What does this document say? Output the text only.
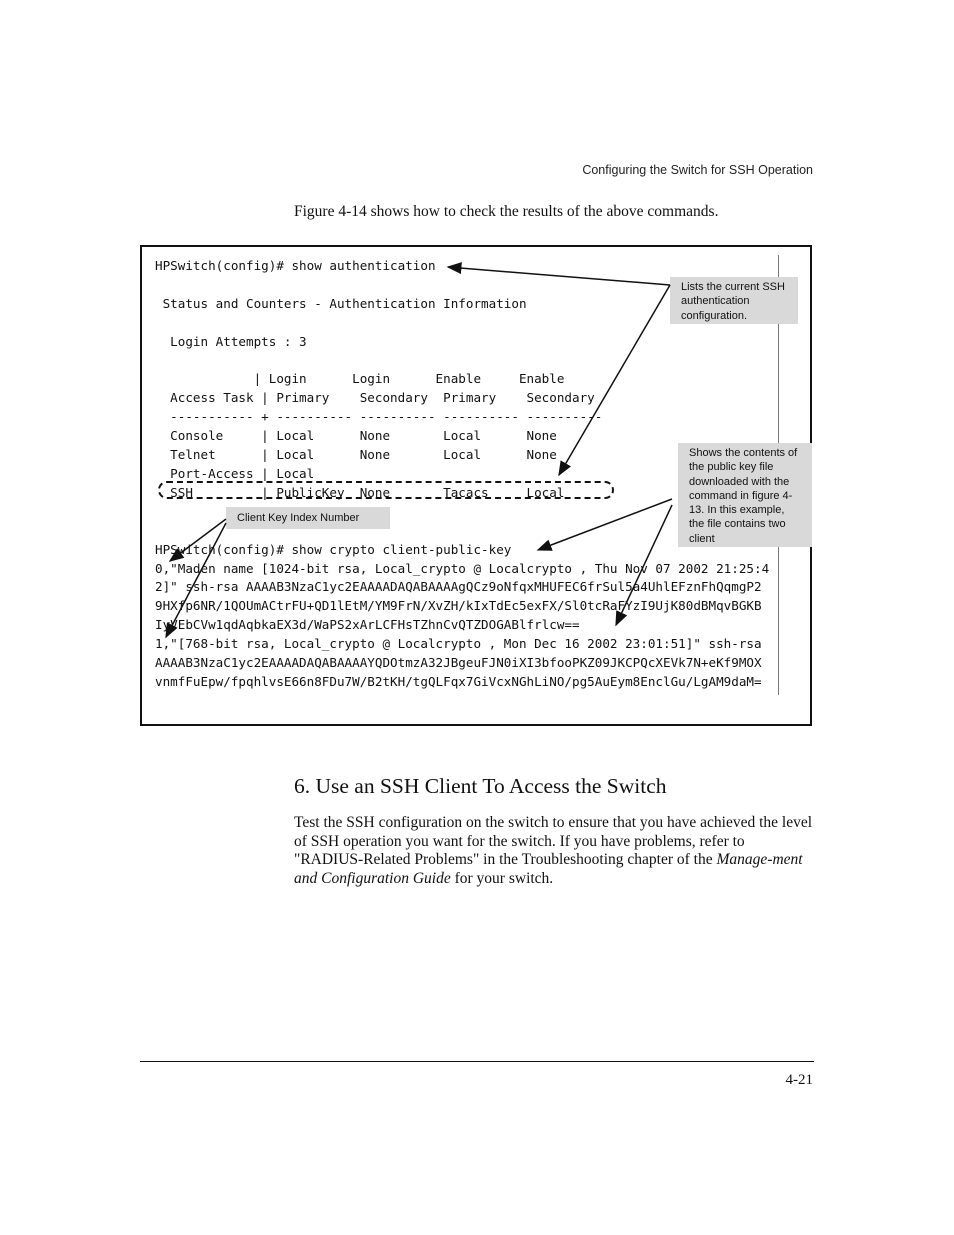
Configuring the Switch for SSH Operation
Figure 4-14 shows how to check the results of the above commands.
HPSwitch(config)# show authentication

Status and Counters - Authentication Information

Login Attempts : 3

| Login      Login      Enable     Enable
Access Task | Primary    Secondary  Primary    Secondary
----------- + ---------- ---------- ---------- ----------
Console     | Local      None       Local      None
Telnet      | Local      None       Local      None
Port-Access | Local
SSH         | PublicKey  None       Tacacs     Local

HPSwitch(config)# show crypto client-public-key
0,"Maden name [1024-bit rsa, Local_crypto @ Localcrypto , Thu Nov 07 2002 21:25:4
2]" ssh-rsa AAAAB3NzaC1yc2EAAAADAQABAAAAgQCz9oNfqxMHUFEC6frSul5a4UhlEFznFhQqmgP2
9HXfp6NR/1QOUmACtrFU+QD1lEtM/YM9FrN/XvZH/kIxTdEc5exFX/Sl0tcRaFYzI9UjK80dBMqvBGKB
IyVEbCVw1qdAqbkaEX3d/WaPS2xArLCFHsTZhnCvQTZDOGABlfrlcw==
1,"[768-bit rsa, Local_crypto @ Localcrypto , Mon Dec 16 2002 23:01:51]" ssh-rsa
AAAAB3NzaC1yc2EAAAADAQABAAAAYQDOtmzA32JBgeuFJN0iXI3bfooPKZ09JKCPQcXEVk7N+eKf9MOX
vnmfFuEpw/fpqhlvsE66n8FDu7W/B2tKH/tgQLFqx7GiVcxNGhLiNO/pg5AuEym8EnclGu/LgAM9daM=
Lists the current SSH authentication configuration.
Shows the contents of the public key file downloaded with the command in figure 4-13. In this example, the file contains two client
Client Key Index Number
6. Use an SSH Client To Access the Switch

Test the SSH configuration on the switch to ensure that you have achieved the level of SSH operation you want for the switch. If you have problems, refer to "RADIUS-Related Problems" in the Troubleshooting chapter of the Manage-ment and Configuration Guide for your switch.

4-21
